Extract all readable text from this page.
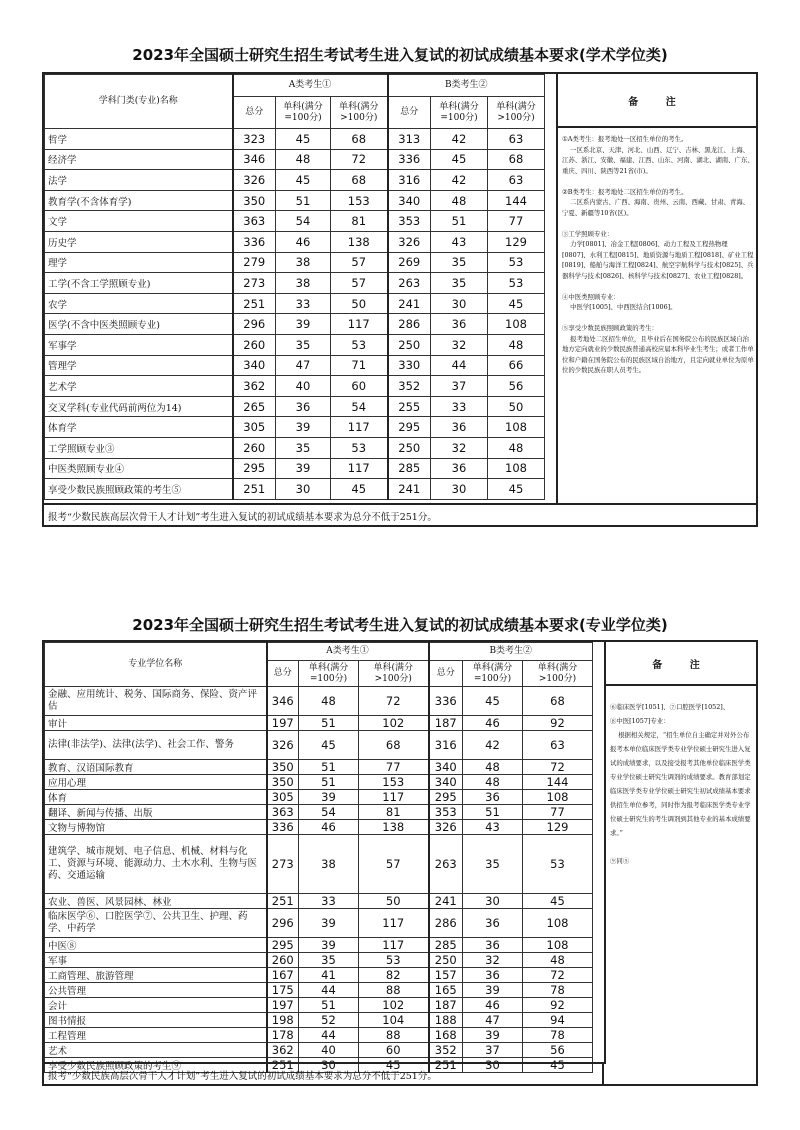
2023年全国硕士研究生招生考试考生进入复试的初试成绩基本要求(学术学位类)
学科门类(专业)名称	A类考生①			B类考生②		
	总分	单科(满分=100分)	单科(满分>100分)	总分	单科(满分=100分)	单科(满分>100分)
哲学	323	45	68	313	42	63
经济学	346	48	72	336	45	68
法学	326	45	68	316	42	63
教育学(不含体育学)	350	51	153	340	48	144
文学	363	54	81	353	51	77
历史学	336	46	138	326	43	129
理学	279	38	57	269	35	53
工学(不含工学照顾专业)	273	38	57	263	35	53
农学	251	33	50	241	30	45
医学(不含中医类照顾专业)	296	39	117	286	36	108
军事学	260	35	53	250	32	48
管理学	340	47	71	330	44	66
艺术学	362	40	60	352	37	56
交叉学科(专业代码前两位为14)	265	36	54	255	33	50
体育学	305	39	117	295	36	108
工学照顾专业③	260	35	53	250	32	48
中医类照顾专业④	295	39	117	285	36	108
享受少数民族照顾政策的考生⑤	251	30	45	241	30	45
备 注
①A类考生：报考地处一区招生单位的考生。
一区系北京、天津、河北、山西、辽宁、吉林、黑龙江、上海、江苏、浙江、安徽、福建、江西、山东、河南、湖北、湖南、广东、重庆、四川、陕西等21省(市)。

②B类考生：报考地处二区招生单位的考生。
二区系内蒙古、广西、海南、贵州、云南、西藏、甘肃、青海、宁夏、新疆等10省(区)。

③工学照顾专业：
力学[0801]、冶金工程[0806]、动力工程及工程热物理[0807]、水利工程[0815]、地质资源与地质工程[0818]、矿业工程[0819]、船舶与海洋工程[0824]、航空宇航科学与技术[0825]、兵器科学与技术[0826]、核科学与技术[0827]、农业工程[0828]。

④中医类照顾专业：
中医学[1005]、中西医结合[1006]。

⑤享受少数民族照顾政策的考生：
报考地处二区招生单位，且毕业后在国务院公布的民族区域自治地方定向就业的少数民族普通高校应届本科毕业生考生；或者工作单位和户籍在国务院公布的民族区域自治地方，且定向就业单位为原单位的少数民族在职人员考生。
报考“少数民族高层次骨干人才计划”考生进入复试的初试成绩基本要求为总分不低于251分。
2023年全国硕士研究生招生考试考生进入复试的初试成绩基本要求(专业学位类)
专业学位名称	A类考生①			B类考生②		
	总分	单科(满分=100分)	单科(满分>100分)	总分	单科(满分=100分)	单科(满分>100分)
金融、应用统计、税务、国际商务、保险、资产评估	346	48	72	336	45	68
审计	197	51	102	187	46	92
法律(非法学)、法律(法学)、社会工作、警务	326	45	68	316	42	63
教育、汉语国际教育	350	51	77	340	48	72
应用心理	350	51	153	340	48	144
体育	305	39	117	295	36	108
翻译、新闻与传播、出版	363	54	81	353	51	77
文物与博物馆	336	46	138	326	43	129
建筑学、城市规划、电子信息、机械、材料与化工、资源与环境、能源动力、土木水利、生物与医药、交通运输	273	38	57	263	35	53
农业、兽医、风景园林、林业	251	33	50	241	30	45
临床医学⑥、口腔医学⑦、公共卫生、护理、药学、中药学	296	39	117	286	36	108
中医⑧	295	39	117	285	36	108
军事	260	35	53	250	32	48
工商管理、旅游管理	167	41	82	157	36	72
公共管理	175	44	88	165	39	78
会计	197	51	102	187	46	92
图书情报	198	52	104	188	47	94
工程管理	178	44	88	168	39	78
艺术	362	40	60	352	37	56
享受少数民族照顾政策的考生⑨	251	30	45	251	30	45
备 注
⑥临床医学[1051]、⑦口腔医学[1052]、
⑧中医[1057]专业：
根据相关规定，“招生单位自主确定并对外公布报考本单位临床医学类专业学位硕士研究生进入复试的成绩要求，以及接受报考其他单位临床医学类专业学位硕士研究生调剂的成绩要求。教育部划定临床医学类专业学位硕士研究生初试成绩基本要求供招生单位参考，同时作为报考临床医学类专业学位硕士研究生的考生调剂到其他专业的基本成绩要求。”

⑨同⑤
报考“少数民族高层次骨干人才计划”考生进入复试的初试成绩基本要求为总分不低于251分。
